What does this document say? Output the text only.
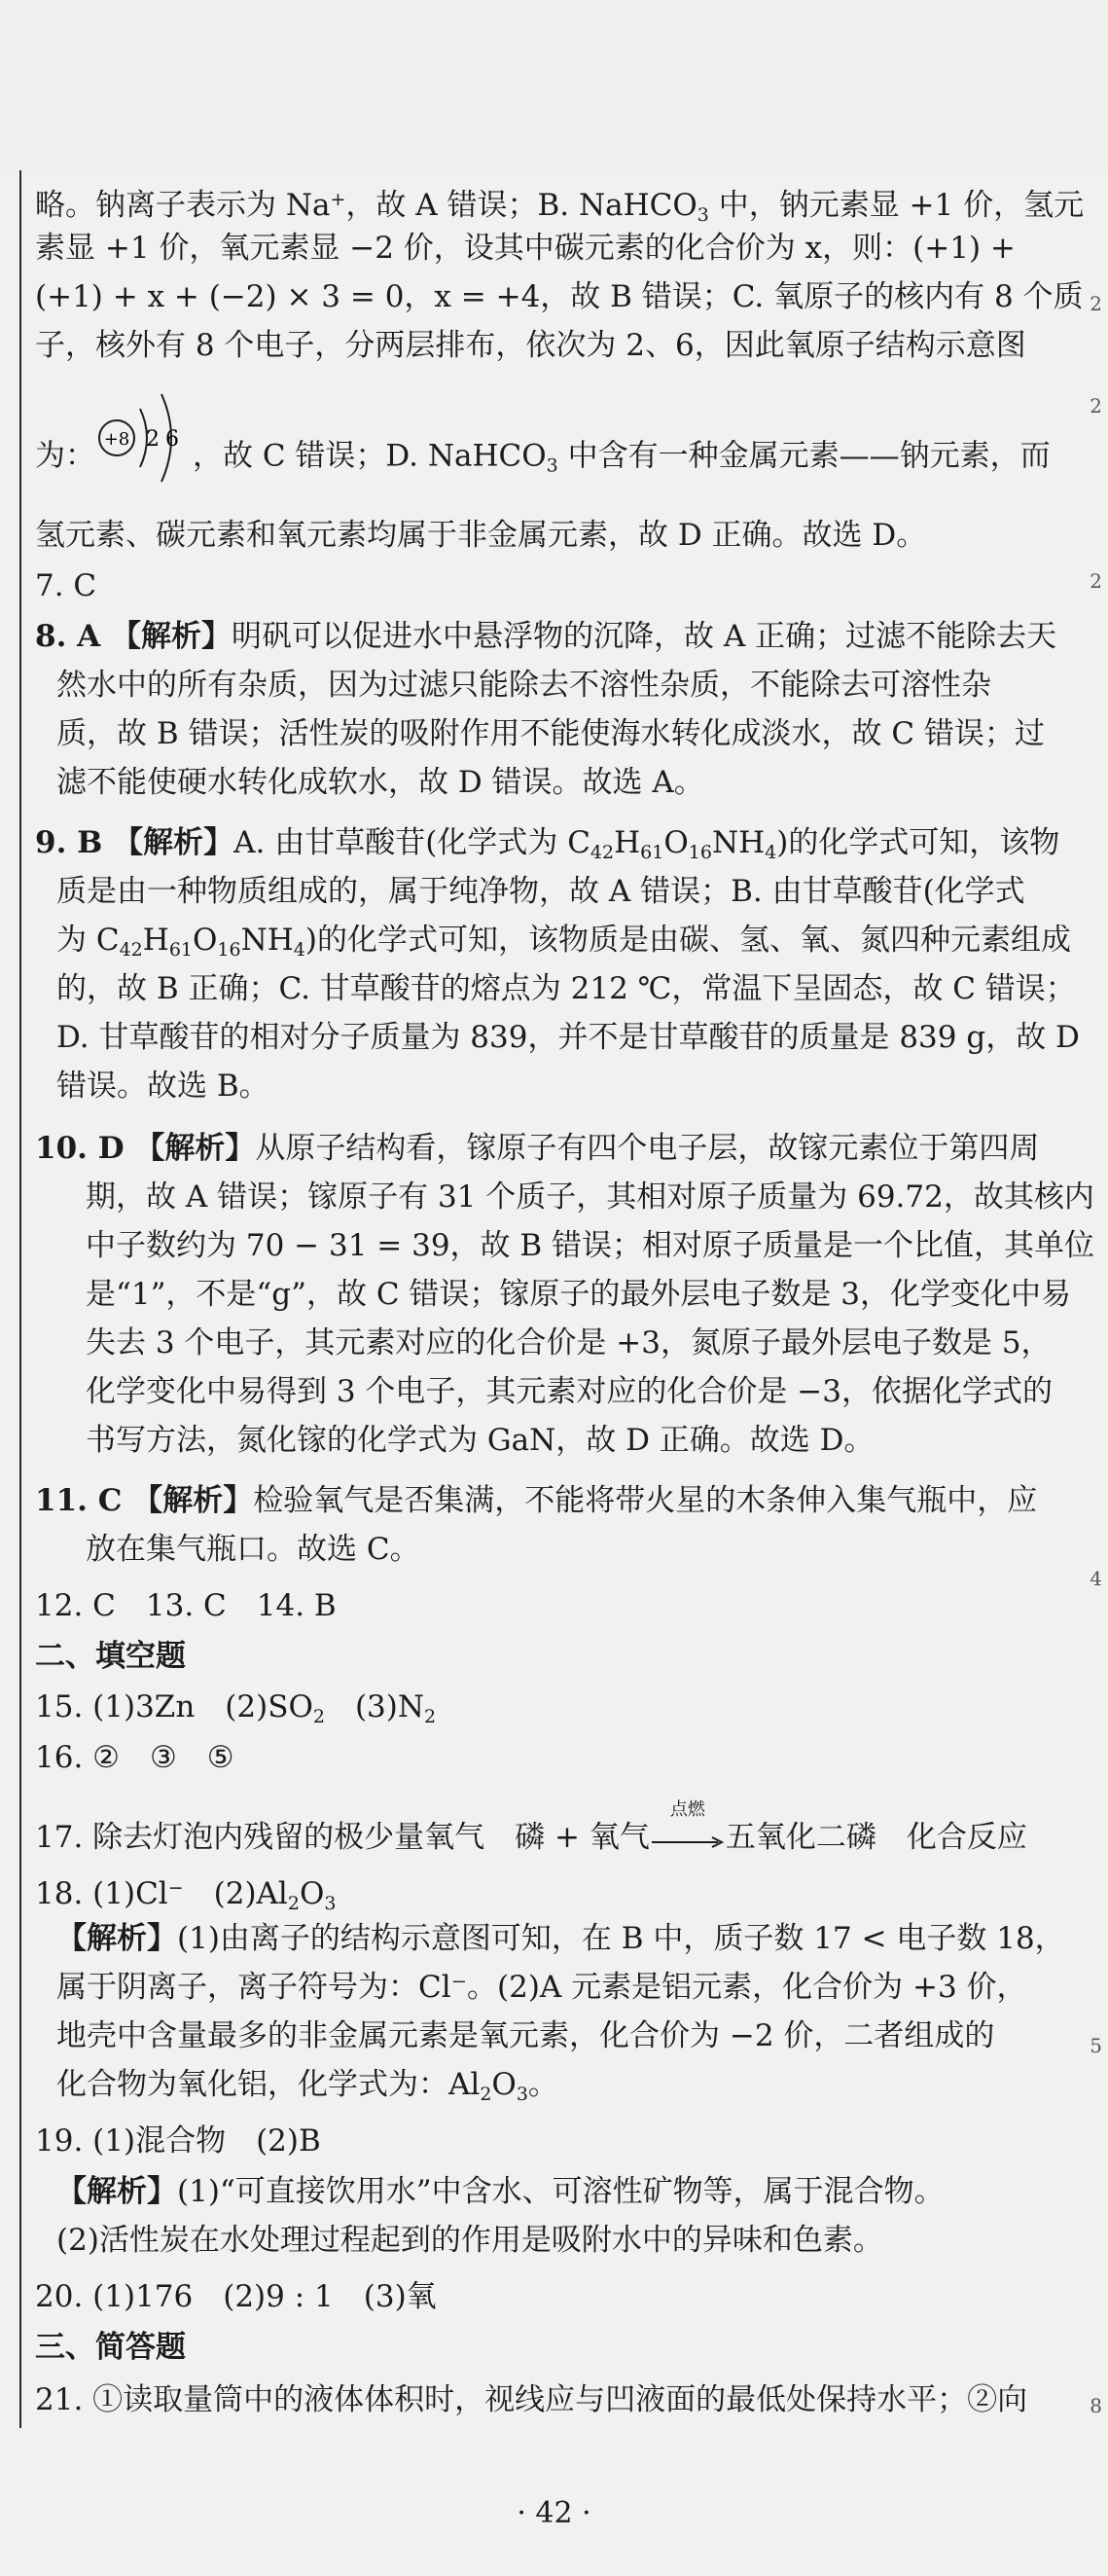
略。钠离子表示为 Na+，故 A 错误；B. NaHCO$_3$ 中，钠元素显 +1 价，氢元
素显 +1 价，氧元素显 −2 价，设其中碳元素的化合价为 x，则：(+1) +
(+1) + x + (−2) × 3 = 0，x = +4，故 B 错误；C. 氧原子的核内有 8 个质
子，核外有 8 个电子，分两层排布，依次为 2、6，因此氧原子结构示意图
为： +8 2 6 ，故 C 错误；D. NaHCO$_3$ 中含有一种金属元素——钠元素，而
氢元素、碳元素和氧元素均属于非金属元素，故 D 正确。故选 D。
7. C
8. A 【解析】明矾可以促进水中悬浮物的沉降，故 A 正确；过滤不能除去天
然水中的所有杂质，因为过滤只能除去不溶性杂质，不能除去可溶性杂
质，故 B 错误；活性炭的吸附作用不能使海水转化成淡水，故 C 错误；过
滤不能使硬水转化成软水，故 D 错误。故选 A。
9. B 【解析】A. 由甘草酸苷(化学式为 $C_{42}H_{61}O_{16}NH_4$)的化学式可知，该物
质是由一种物质组成的，属于纯净物，故 A 错误；B. 由甘草酸苷(化学式
为 $C_{42}H_{61}O_{16}NH_4$)的化学式可知，该物质是由碳、氢、氧、氮四种元素组成
的，故 B 正确；C. 甘草酸苷的熔点为 212 ℃，常温下呈固态，故 C 错误；
D. 甘草酸苷的相对分子质量为 839，并不是甘草酸苷的质量是 839 g，故 D
错误。故选 B。
10. D 【解析】从原子结构看，镓原子有四个电子层，故镓元素位于第四周
期，故 A 错误；镓原子有 31 个质子，其相对原子质量为 69.72，故其核内
中子数约为 70 − 31 = 39，故 B 错误；相对原子质量是一个比值，其单位
是“1”，不是“g”，故 C 错误；镓原子的最外层电子数是 3，化学变化中易
失去 3 个电子，其元素对应的化合价是 +3，氮原子最外层电子数是 5，
化学变化中易得到 3 个电子，其元素对应的化合价是 −3，依据化学式的
书写方法，氮化镓的化学式为 GaN，故 D 正确。故选 D。
11. C 【解析】检验氧气是否集满，不能将带火星的木条伸入集气瓶中，应
放在集气瓶口。故选 C。
12. C　13. C　14. B
二、填空题
15. (1)3Zn　$(2)SO_2$　$(3)N_2$
16. ②　③　⑤
17. 除去灯泡内残留的极少量氧气　磷 + 氧气
点燃
五氧化二磷　化合反应
18. (1)Cl−　$(2)Al_2O_3$
【解析】(1)由离子的结构示意图可知，在 B 中，质子数 17 < 电子数 18，
属于阴离子，离子符号为：Cl⁻。(2)A 元素是铝元素，化合价为 +3 价，
地壳中含量最多的非金属元素是氧元素，化合价为 −2 价，二者组成的
化合物为氧化铝，化学式为：$Al_2O_3$。
19. (1)混合物　(2)B
【解析】(1)“可直接饮用水”中含水、可溶性矿物等，属于混合物。
(2)活性炭在水处理过程起到的作用是吸附水中的异味和色素。
20. (1)176　(2)9 : 1　(3)氧
三、简答题
21. ①读取量筒中的液体体积时，视线应与凹液面的最低处保持水平；②向
· 42 ·
2
2
2
4
5
8
